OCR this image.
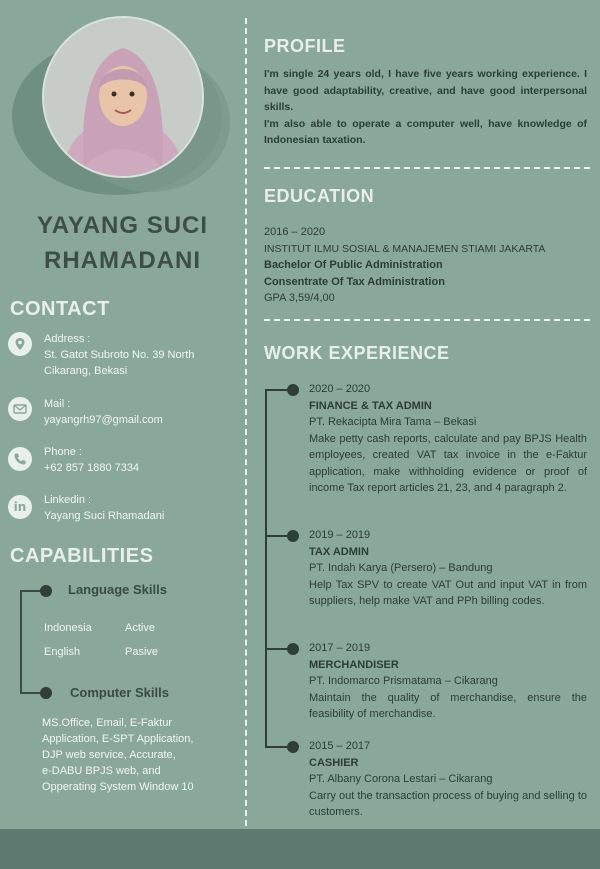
YAYANG SUCI
RHAMADANI
CONTACT
Address :
St. Gatot Subroto No. 39 North
Cikarang, Bekasi
Mail :
yayangrh97@gmail.com
Phone :
+62 857 1880 7334
in Linkedin :
Yayang Suci Rhamadani
CAPABILITIES
Language Skills
Indonesia	Active
English	Pasive
Computer Skills
MS.Office, Email, E-Faktur
Application, E-SPT Application,
DJP web service, Accurate,
e-DABU BPJS web, and
Opperating System Window 10
PROFILE
I'm single 24 years old, I have five years working experience. I have good adaptability, creative, and have good interpersonal skills.
I'm also able to operate a computer well, have knowledge of Indonesian taxation.
EDUCATION
2016 – 2020
INSTITUT ILMU SOSIAL & MANAJEMEN STIAMI JAKARTA
Bachelor Of Public Administration
Consentrate Of Tax Administration
GPA 3,59/4,00
WORK EXPERIENCE
2020 – 2020
FINANCE & TAX ADMIN
PT. Rekacipta Mira Tama – Bekasi
Make petty cash reports, calculate and pay BPJS Health employees, created VAT tax invoice in the e-Faktur application, make withholding evidence or proof of income Tax report articles 21, 23, and 4 paragraph 2.
2019 – 2019
TAX ADMIN
PT. Indah Karya (Persero) – Bandung
Help Tax SPV to create VAT Out and input VAT in from suppliers, help make VAT and PPh billing codes.
2017 – 2019
MERCHANDISER
PT. Indomarco Prismatama – Cikarang
Maintain the quality of merchandise, ensure the feasibility of merchandise.
2015 – 2017
CASHIER
PT. Albany Corona Lestari – Cikarang
Carry out the transaction process of buying and selling to customers.
